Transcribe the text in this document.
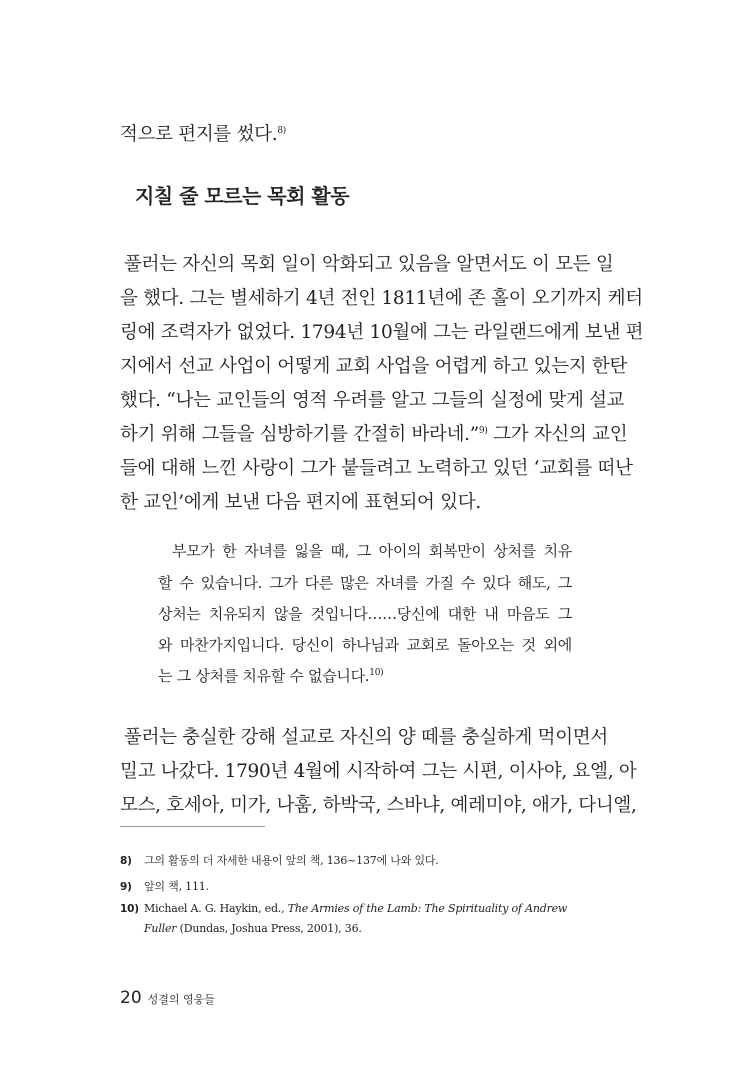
적으로 편지를 썼다.$^{8)}$
지칠 줄 모르는 목회 활동
풀러는 자신의 목회 일이 악화되고 있음을 알면서도 이 모든 일
을 했다. 그는 별세하기 4년 전인 1811년에 존 홀이 오기까지 케터
링에 조력자가 없었다. 1794년 10월에 그는 라일랜드에게 보낸 편
지에서 선교 사업이 어떻게 교회 사업을 어렵게 하고 있는지 한탄
했다. “나는 교인들의 영적 우려를 알고 그들의 실정에 맞게 설교
하기 위해 그들을 심방하기를 간절히 바라네.”$^{9)}$ 그가 자신의 교인
들에 대해 느낀 사랑이 그가 붙들려고 노력하고 있던 ‘교회를 떠난
한 교인’에게 보낸 다음 편지에 표현되어 있다.
부모가 한 자녀를 잃을 때, 그 아이의 회복만이 상처를 치유
할 수 있습니다. 그가 다른 많은 자녀를 가질 수 있다 해도, 그
상처는 치유되지 않을 것입니다……당신에 대한 내 마음도 그
와 마찬가지입니다. 당신이 하나님과 교회로 돌아오는 것 외에
는 그 상처를 치유할 수 없습니다.$^{10)}$
풀러는 충실한 강해 설교로 자신의 양 떼를 충실하게 먹이면서
밀고 나갔다. 1790년 4월에 시작하여 그는 시편, 이사야, 요엘, 아
모스, 호세아, 미가, 나훔, 하박국, 스바냐, 예레미야, 애가, 다니엘,
8) 그의 활동의 더 자세한 내용이 앞의 책, 136~137에 나와 있다.
9) 앞의 책, 111.
10) Michael A. G. Haykin, ed., The Armies of the Lamb: The Spirituality of Andrew
Fuller (Dundas, Joshua Press, 2001), 36.
20 성결의 영웅들
